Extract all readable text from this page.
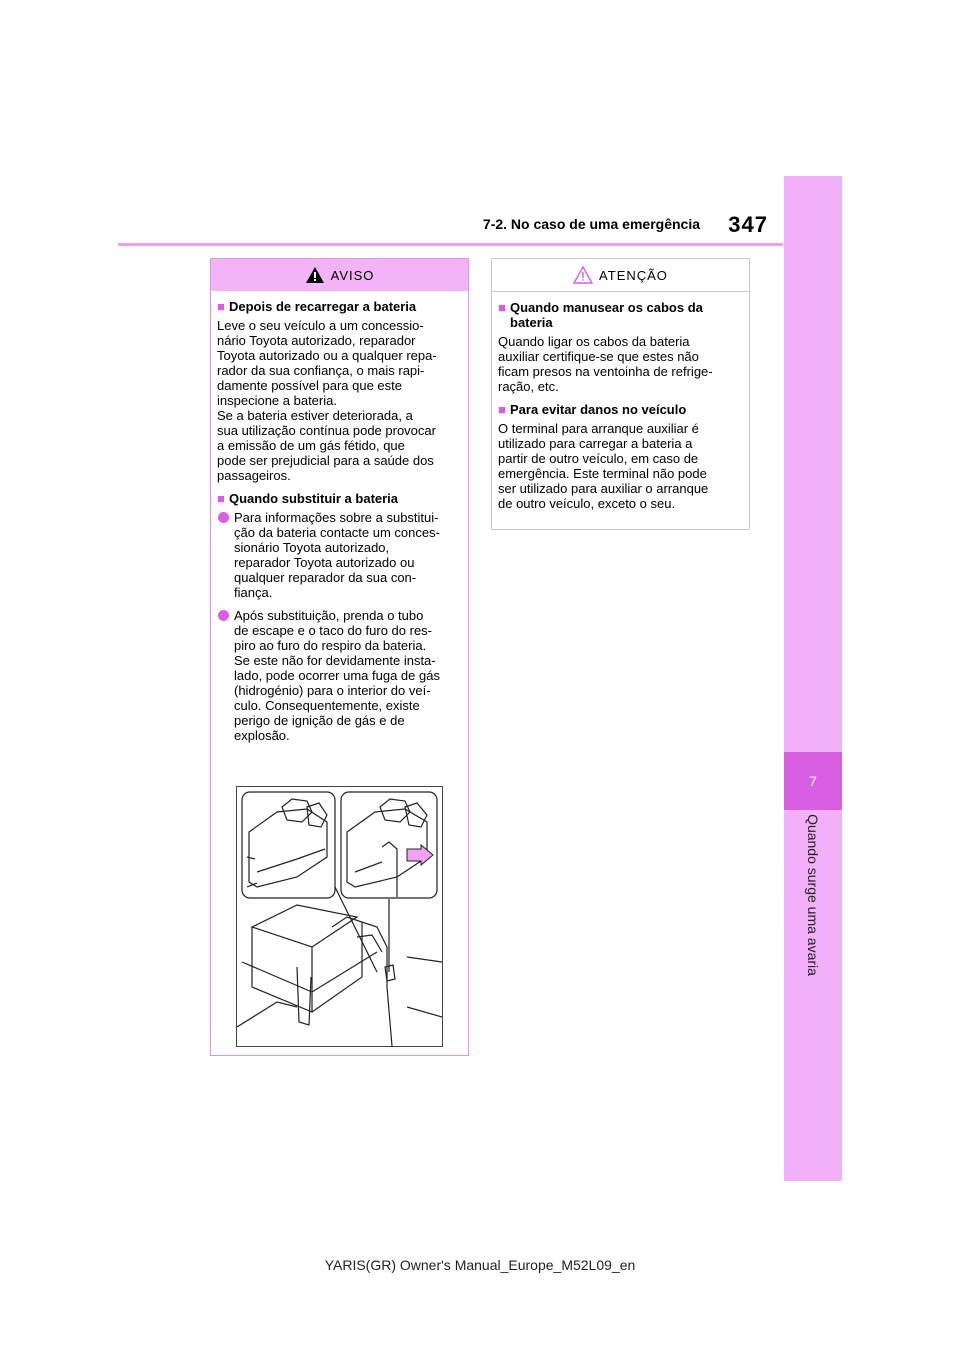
7-2. No caso de uma emergência	347
7
Quando surge uma avaria
AVISO
■ Depois de recarregar a bateria
Leve o seu veículo a um concessio-
nário Toyota autorizado, reparador
Toyota autorizado ou a qualquer repa-
rador da sua confiança, o mais rapi-
damente possível para que este
inspecione a bateria.
Se a bateria estiver deteriorada, a
sua utilização contínua pode provocar
a emissão de um gás fétido, que
pode ser prejudicial para a saúde dos
passageiros.
■ Quando substituir a bateria
Para informações sobre a substitui-
ção da bateria contacte um conces-
sionário Toyota autorizado,
reparador Toyota autorizado ou
qualquer reparador da sua con-
fiança.
Após substituição, prenda o tubo
de escape e o taco do furo do res-
piro ao furo do respiro da bateria.
Se este não for devidamente insta-
lado, pode ocorrer uma fuga de gás
(hidrogénio) para o interior do veí-
culo. Consequentemente, existe
perigo de ignição de gás e de
explosão.
ATENÇÃO
■ Quando manusear os cabos da
bateria
Quando ligar os cabos da bateria
auxiliar certifique-se que estes não
ficam presos na ventoinha de refrige-
ração, etc.
■ Para evitar danos no veículo
O terminal para arranque auxiliar é
utilizado para carregar a bateria a
partir de outro veículo, em caso de
emergência. Este terminal não pode
ser utilizado para auxiliar o arranque
de outro veículo, exceto o seu.
YARIS(GR) Owner's Manual_Europe_M52L09_en
